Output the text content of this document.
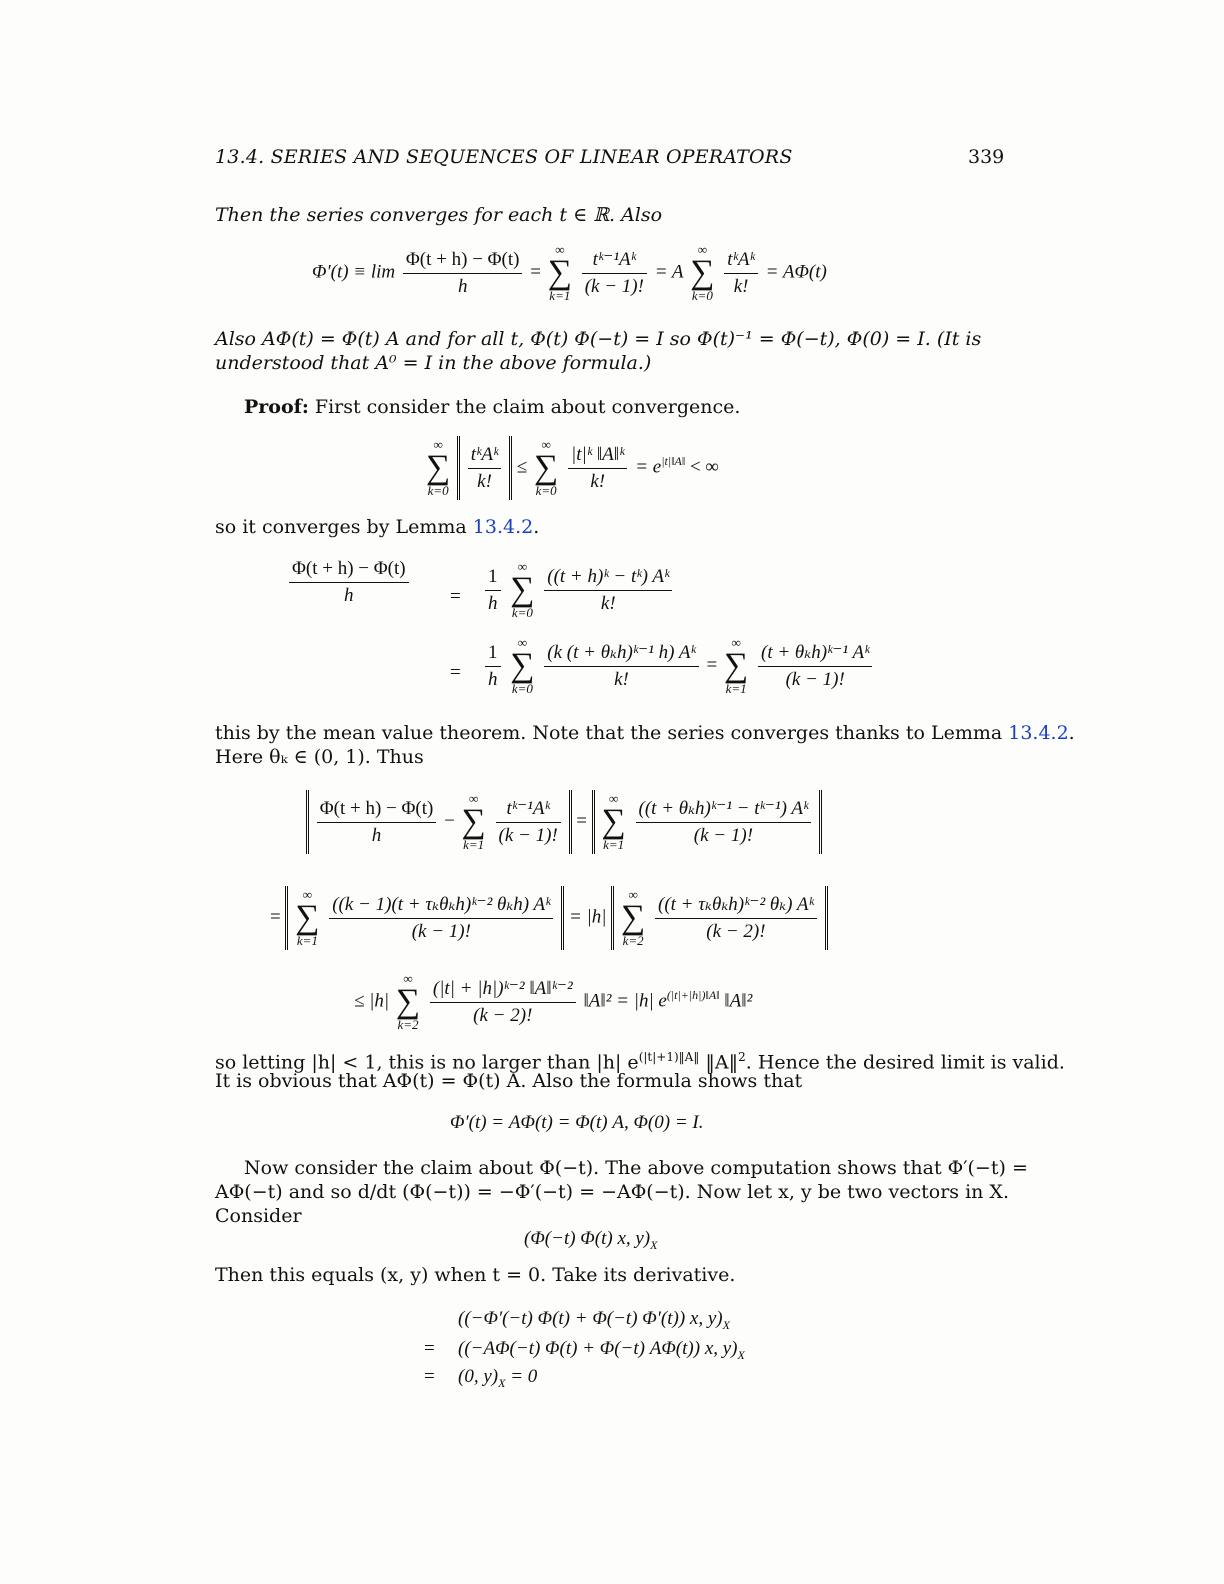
13.4. SERIES AND SEQUENCES OF LINEAR OPERATORS	339
Then the series converges for each t ∈ ℝ. Also
$\Phi'(t) \equiv \lim \frac{\Phi(t + h) - \Phi(t)}{h}$ =
∞
∑
k=1
$\frac{\text{tᵏ⁻¹Aᵏ}}{(k - 1)!} = A$
∞
∑
k=0
$\frac{\text{tᵏAᵏ}}{k!} = A\Phi(t)$
Also AΦ(t) = Φ(t) A and for all t, Φ(t) Φ(−t) = I so Φ(t)⁻¹ = Φ(−t), Φ(0) = I. (It is
understood that A⁰ = I in the above formula.)
Proof: First consider the claim about convergence.
∞
∑
k=0
$\frac{\text{tᵏAᵏ}}{k!}$ ≤
∞
∑
k=0
$\frac{\text{|t|ᵏ ‖A‖ᵏ}}{k!} = e^{|t|‖A‖}$ < ∞
so it converges by Lemma 13.4.2.
$\frac{\Phi(t + h) - \Phi(t)}{h} = \frac{1}{h}$
	∞
∑
k=0
$\frac{\text{((t + h)ᵏ − tᵏ) Aᵏ}}{k!}$
= $\frac{1}{h}$
	∞
∑
k=0
$\frac{\text{(k (t + θₖh)ᵏ⁻¹ h) Aᵏ}}{k!}$ =
∞
∑
k=1
$\frac{\text{(t + θₖh)ᵏ⁻¹ Aᵏ}}{(k - 1)!}$
this by the mean value theorem. Note that the series converges thanks to Lemma 13.4.2.
Here θₖ ∈ (0, 1). Thus

$\frac{\Phi(t + h) - \Phi(t)}{h}$ −
∞
∑
k=1
$\frac{\text{tᵏ⁻¹Aᵏ}}{(k - 1)!}$ =
∞
∑
k=1
$\frac{\text{((t + θₖh)ᵏ⁻¹ − tᵏ⁻¹) Aᵏ}}{(k - 1)!}$

=
∞
∑
k=1
$\frac{\text{((k − 1)(t + τₖθₖh)ᵏ⁻² θₖh) Aᵏ}}{(k - 1)!} = |h|$
∞
∑
k=2
$\frac{\text{((t + τₖθₖh)ᵏ⁻² θₖ) Aᵏ}}{(k - 2)!}$

≤ |h|
∞
∑
k=2
$\frac{\text{(|t| + |h|)ᵏ⁻² ‖A‖ᵏ⁻²}}{(k - 2)!}$ ‖A‖² = |h| $e^{(|t|+|h|)‖A‖}$ ‖A‖²
so letting |h| < 1, this is no larger than |h| $e^{(|t|+1)‖A‖}$ ‖A‖$^2$. Hence the desired limit is valid.
It is obvious that AΦ(t) = Φ(t) A. Also the formula shows that
Φ′(t) = AΦ(t) = Φ(t) A, Φ(0) = I.
Now consider the claim about Φ(−t). The above computation shows that Φ′(−t) =
AΦ(−t) and so d/dt (Φ(−t)) = −Φ′(−t) = −AΦ(−t). Now let x, y be two vectors in X.
Consider
(Φ(−t) Φ(t) x, $y)_X$
Then this equals (x, y) when t = 0. Take its derivative.
((−Φ′(−t) Φ(t) + Φ(−t) Φ′(t)) x, $y)_X$
= ((−AΦ(−t) Φ(t) + Φ(−t) AΦ(t)) x, $y)_X$
= (0, $y)_X = 0$
